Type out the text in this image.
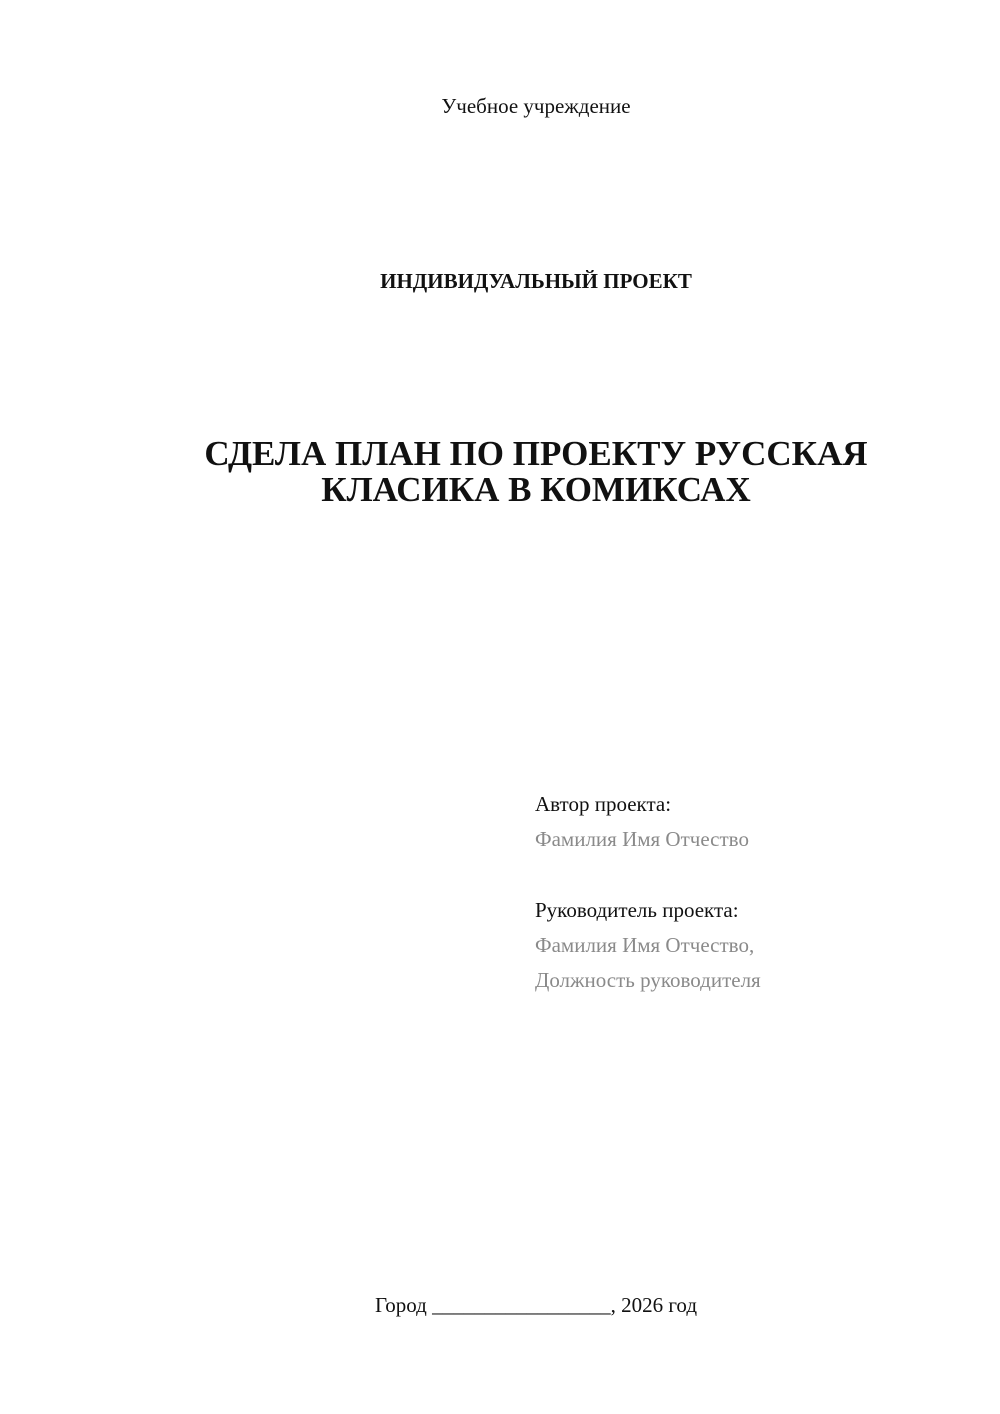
Учебное учреждение
ИНДИВИДУАЛЬНЫЙ ПРОЕКТ
СДЕЛА ПЛАН ПО ПРОЕКТУ РУССКАЯ
КЛАСИКА В КОМИКСАХ
Автор проекта:
Фамилия Имя Отчество
Руководитель проекта:
Фамилия Имя Отчество,
Должность руководителя
Город _________________, 2026 год
